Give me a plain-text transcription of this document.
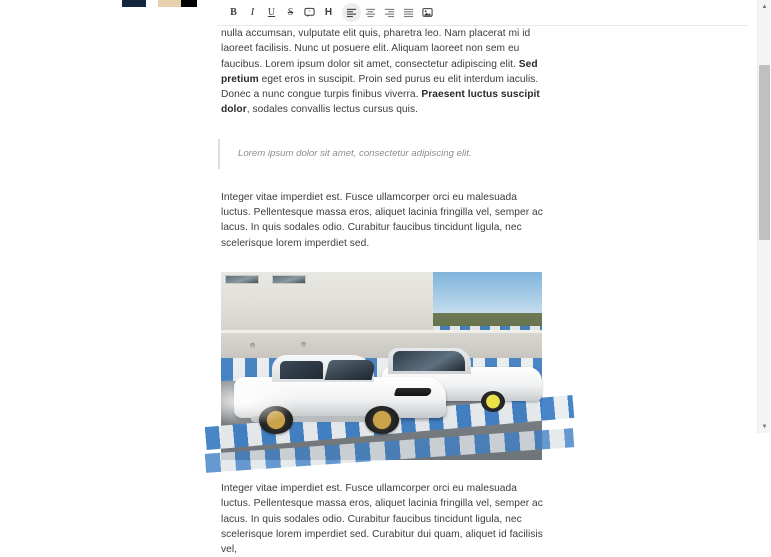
B I U S	“ H

nulla accumsan, vulputate elit quis, pharetra leo. Nam placerat mi id laoreet facilisis. Nunc ut posuere elit. Aliquam laoreet non sem eu faucibus. Lorem ipsum dolor sit amet, consectetur adipiscing elit. Sed pretium eget eros in suscipit. Proin sed purus eu elit interdum iaculis. Donec a nunc congue turpis finibus viverra. Praesent luctus suscipit dolor, sodales convallis lectus cursus quis.

Lorem ipsum dolor sit amet, consectetur adipiscing elit.

Integer vitae imperdiet est. Fusce ullamcorper orci eu malesuada luctus. Pellentesque massa eros, aliquet lacinia fringilla vel, semper ac lacus. In quis sodales odio. Curabitur faucibus tincidunt ligula, nec scelerisque lorem imperdiet sed.

Integer vitae imperdiet est. Fusce ullamcorper orci eu malesuada luctus. Pellentesque massa eros, aliquet lacinia fringilla vel, semper ac lacus. In quis sodales odio. Curabitur faucibus tincidunt ligula, nec scelerisque lorem imperdiet sed. Curabitur dui quam, aliquet id facilisis vel,

▲
▼
